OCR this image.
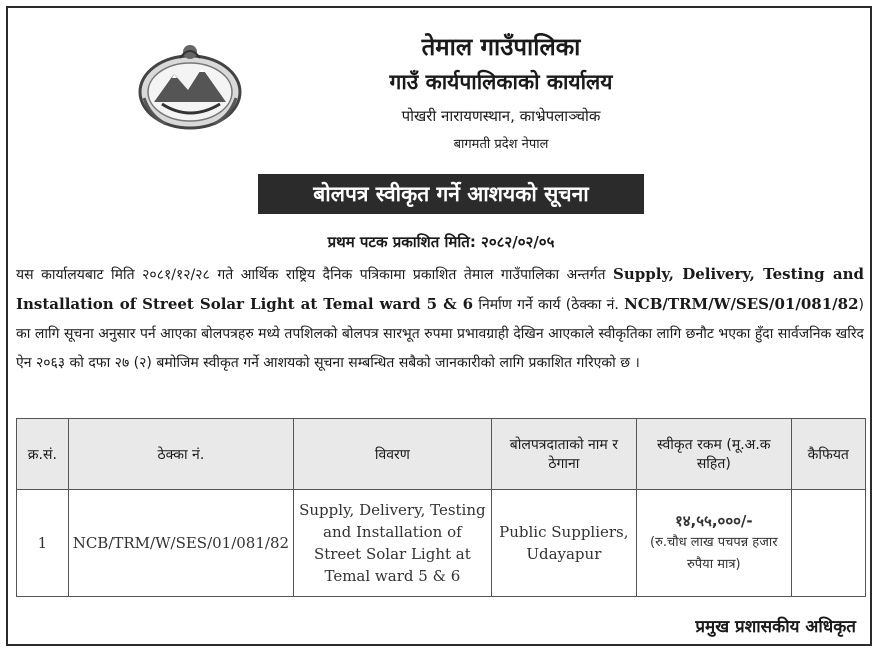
तेमाल गाउँपालिका
गाउँ कार्यपालिकाको कार्यालय
पोखरी नारायणस्थान, काभ्रेपलाञ्चोक
बागमती प्रदेश नेपाल
बोलपत्र स्वीकृत गर्ने आशयको सूचना
प्रथम पटक प्रकाशित मिति: २०८२/०२/०५
यस कार्यालयबाट मिति २०८१/१२/२८ गते आर्थिक राष्ट्रिय दैनिक पत्रिकामा प्रकाशित तेमाल गाउँपालिका अन्तर्गत Supply, Delivery, Testing and Installation of Street Solar Light at Temal ward 5 & 6 निर्माण गर्ने कार्य (ठेक्का नं. NCB/TRM/W/SES/01/081/82) का लागि सूचना अनुसार पर्न आएका बोलपत्रहरु मध्ये तपशिलको बोलपत्र सारभूत रुपमा प्रभावग्राही देखिन आएकाले स्वीकृतिका लागि छनौट भएका हुँदा सार्वजनिक खरिद ऐन २०६३ को दफा २७ (२) बमोजिम स्वीकृत गर्ने आशयको सूचना सम्बन्धित सबैको जानकारीको लागि प्रकाशित गरिएको छ ।
क्र.सं.	ठेक्का नं.	विवरण	बोलपत्रदाताको नाम र ठेगाना	स्वीकृत रकम (मू.अ.क सहित)	कैफियत
1	NCB/TRM/W/SES/01/081/82	Supply, Delivery, Testing and Installation of Street Solar Light at Temal ward 5 & 6	Public Suppliers, Udayapur	१४,५५,०००/-
(रु.चौध लाख पचपन्न हजार रुपैया मात्र)	

प्रमुख प्रशासकीय अधिकृत
